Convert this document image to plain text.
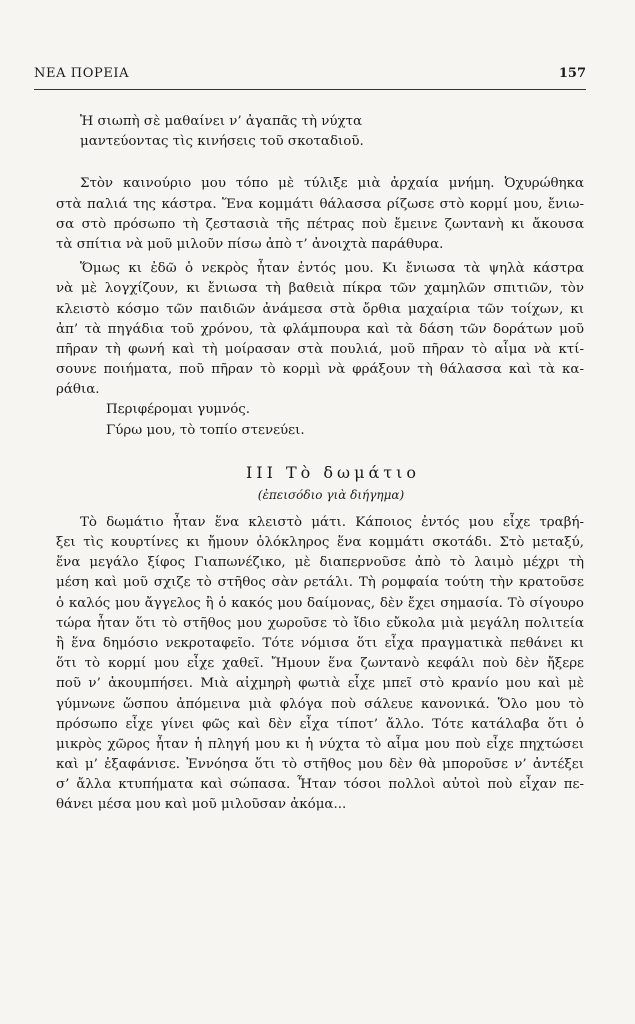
ΝΕΑ ΠΟΡΕΙΑ	157
Ἡ σιωπὴ σὲ μαθαίνει ν’ ἀγαπᾶς τὴ νύχτα
μαντεύοντας τὶς κινήσεις τοῦ σκοταδιοῦ.
Στὸν καινούριο μου τόπο μὲ τύλιξε μιὰ ἀρχαία μνήμη. Ὀχυρώθηκα
στὰ παλιά της κάστρα. Ἕνα κομμάτι θάλασσα ρίζωσε στὸ κορμί μου, ἔνιω-
σα στὸ πρόσωπο τὴ ζεστασιὰ τῆς πέτρας ποὺ ἔμεινε ζωντανὴ κι ἄκουσα
τὰ σπίτια νὰ μοῦ μιλοῦν πίσω ἀπὸ τ’ ἀνοιχτὰ παράθυρα.
Ὅμως κι ἐδῶ ὁ νεκρὸς ἦταν ἐντός μου. Κι ἔνιωσα τὰ ψηλὰ κάστρα
νὰ μὲ λογχίζουν, κι ἔνιωσα τὴ βαθειὰ πίκρα τῶν χαμηλῶν σπιτιῶν, τὸν
κλειστὸ κόσμο τῶν παιδιῶν ἀνάμεσα στὰ ὄρθια μαχαίρια τῶν τοίχων, κι
ἀπ’ τὰ πηγάδια τοῦ χρόνου, τὰ φλάμπουρα καὶ τὰ δάση τῶν δοράτων μοῦ
πῆραν τὴ φωνή καὶ τὴ μοίρασαν στὰ πουλιά, μοῦ πῆραν τὸ αἷμα νὰ κτί-
σουνε ποιήματα, ποῦ πῆραν τὸ κορμὶ νὰ φράξουν τὴ θάλασσα καὶ τὰ κα-
ράθια.
Περιφέρομαι γυμνός.
Γύρω μου, τὸ τοπίο στενεύει.
ΙΙΙ Τὸ δωμάτιο
(ἐπεισόδιο γιὰ διήγημα)
Τὸ δωμάτιο ἦταν ἕνα κλειστὸ μάτι. Κάποιος ἐντός μου εἶχε τραβή-
ξει τὶς κουρτίνες κι ἤμουν ὁλόκληρος ἕνα κομμάτι σκοτάδι. Στὸ μεταξύ,
ἕνα μεγάλο ξίφος Γιαπωνέζικο, μὲ διαπερνοῦσε ἀπὸ τὸ λαιμὸ μέχρι τὴ
μέση καὶ μοῦ σχιζε τὸ στῆθος σὰν ρετάλι. Τὴ ρομφαία τούτη τὴν κρατοῦσε
ὁ καλός μου ἄγγελος ἢ ὁ κακός μου δαίμονας, δὲν ἔχει σημασία. Τὸ σίγουρο
τώρα ἦταν ὅτι τὸ στῆθος μου χωροῦσε τὸ ἴδιο εὔκολα μιὰ μεγάλη πολιτεία
ἢ ἕνα δημόσιο νεκροταφεῖο. Τότε νόμισα ὅτι εἶχα πραγματικὰ πεθάνει κι
ὅτι τὸ κορμί μου εἶχε χαθεῖ. Ἤμουν ἕνα ζωντανὸ κεφάλι ποὺ δὲν ἤξερε
ποῦ ν’ ἀκουμπήσει. Μιὰ αἰχμηρὴ φωτιὰ εἶχε μπεῖ στὸ κρανίο μου καὶ μὲ
γύμνωνε ὥσπου ἀπόμεινα μιὰ φλόγα ποὺ σάλευε κανονικά. Ὅλο μου τὸ
πρόσωπο εἶχε γίνει φῶς καὶ δὲν εἶχα τίποτ’ ἄλλο. Τότε κατάλαβα ὅτι ὁ
μικρὸς χῶρος ἦταν ἡ πληγή μου κι ἡ νύχτα τὸ αἷμα μου ποὺ εἶχε πηχτώσει
καὶ μ’ ἐξαφάνισε. Ἐννόησα ὅτι τὸ στῆθος μου δὲν θὰ μποροῦσε ν’ ἀντέξει
σ’ ἄλλα κτυπήματα καὶ σώπασα. Ἦταν τόσοι πολλοὶ αὐτοὶ ποὺ εἶχαν πε-
θάνει μέσα μου καὶ μοῦ μιλοῦσαν ἀκόμα...
